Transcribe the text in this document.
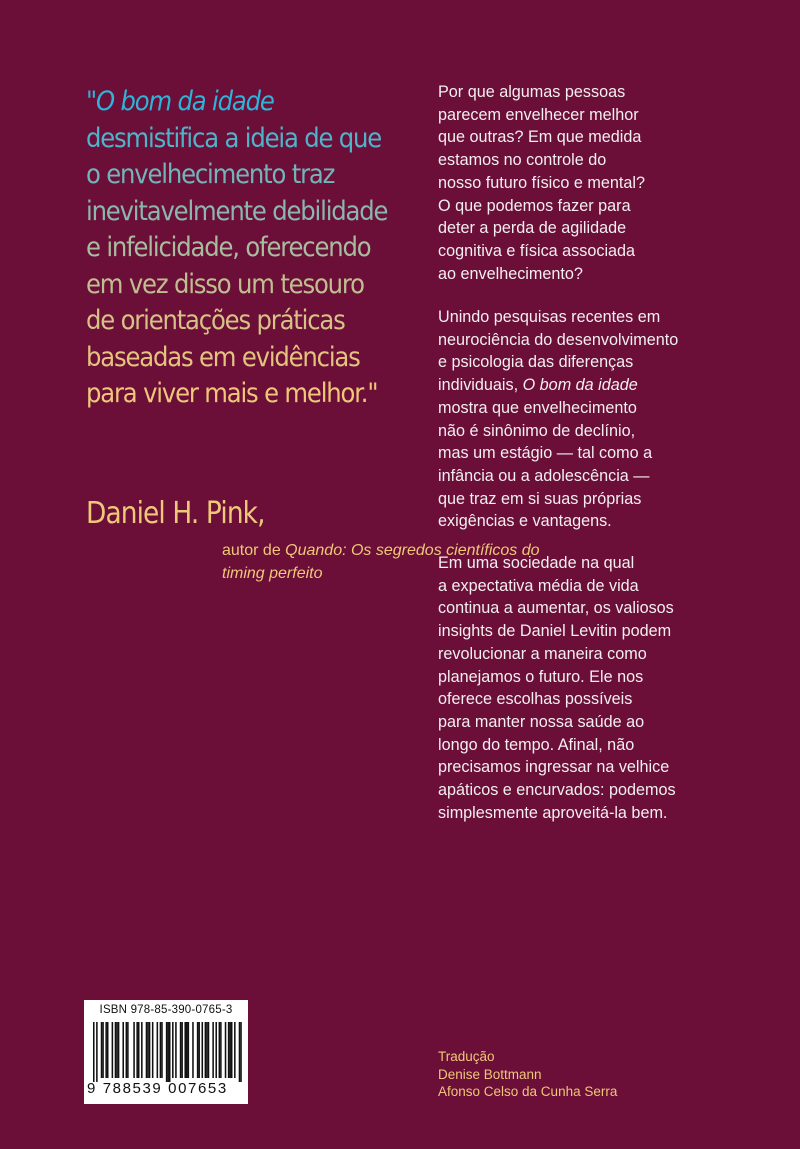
"O bom da idade
desmistifica a ideia de que
o envelhecimento traz
inevitavelmente debilidade
e infelicidade, oferecendo
em vez disso um tesouro
de orientações práticas
baseadas em evidências
para viver mais e melhor."
Daniel H. Pink,
autor de Quando: Os segredos científicos do timing perfeito
Por que algumas pessoas
parecem envelhecer melhor
que outras? Em que medida
estamos no controle do
nosso futuro físico e mental?
O que podemos fazer para
deter a perda de agilidade
cognitiva e física associada
ao envelhecimento?
Unindo pesquisas recentes em
neurociência do desenvolvimento
e psicologia das diferenças
individuais, O bom da idade
mostra que envelhecimento
não é sinônimo de declínio,
mas um estágio — tal como a
infância ou a adolescência —
que traz em si suas próprias
exigências e vantagens.
Em uma sociedade na qual
a expectativa média de vida
continua a aumentar, os valiosos
insights de Daniel Levitin podem
revolucionar a maneira como
planejamos o futuro. Ele nos
oferece escolhas possíveis
para manter nossa saúde ao
longo do tempo. Afinal, não
precisamos ingressar na velhice
apáticos e encurvados: podemos
simplesmente aproveitá-la bem.
ISBN 978-85-390-0765-3
9 788539 007653
Tradução
Denise Bottmann
Afonso Celso da Cunha Serra
